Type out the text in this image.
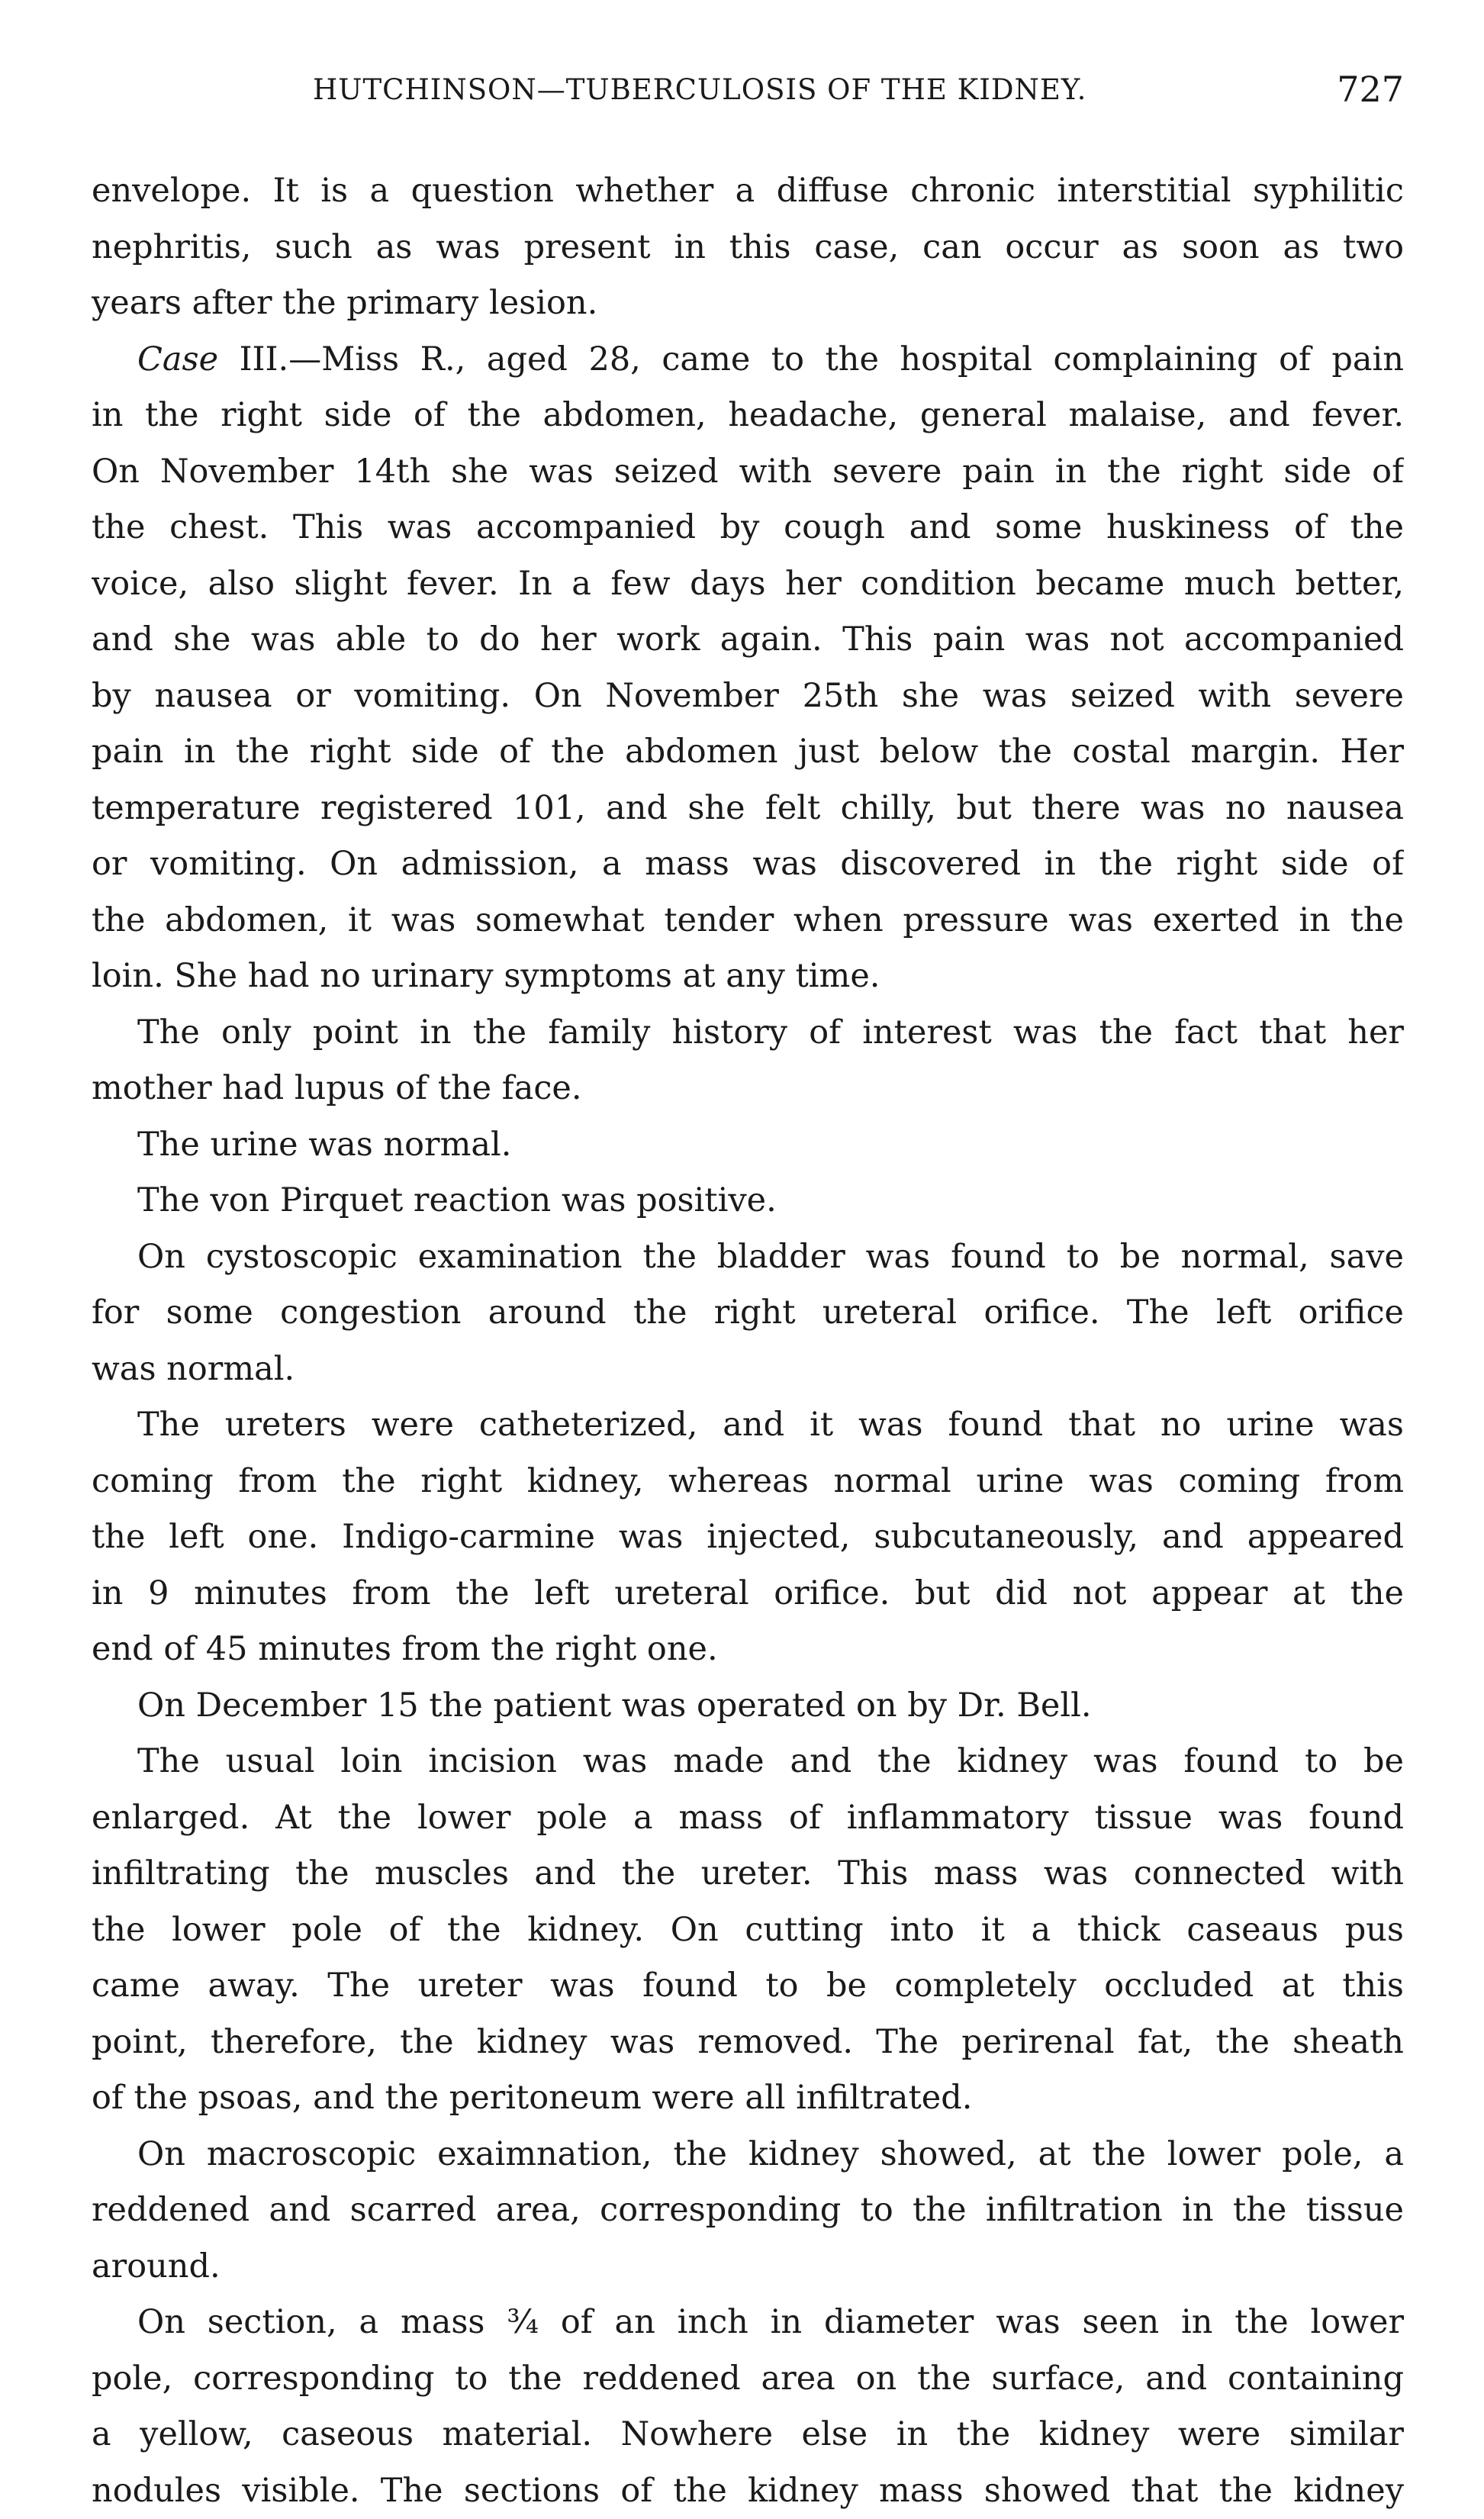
HUTCHINSON—TUBERCULOSIS OF THE KIDNEY.	727
envelope. It is a question whether a diffuse chronic interstitial syphilitic
nephritis, such as was present in this case, can occur as soon as two
years after the primary lesion.
Case III.—Miss R., aged 28, came to the hospital complaining of pain
in the right side of the abdomen, headache, general malaise, and fever.
On November 14th she was seized with severe pain in the right side of
the chest. This was accompanied by cough and some huskiness of the
voice, also slight fever. In a few days her condition became much better,
and she was able to do her work again. This pain was not accompanied
by nausea or vomiting. On November 25th she was seized with severe
pain in the right side of the abdomen just below the costal margin. Her
temperature registered 101, and she felt chilly, but there was no nausea
or vomiting. On admission, a mass was discovered in the right side of
the abdomen, it was somewhat tender when pressure was exerted in the
loin. She had no urinary symptoms at any time.
The only point in the family history of interest was the fact that her
mother had lupus of the face.
The urine was normal.
The von Pirquet reaction was positive.
On cystoscopic examination the bladder was found to be normal, save
for some congestion around the right ureteral orifice. The left orifice
was normal.
The ureters were catheterized, and it was found that no urine was
coming from the right kidney, whereas normal urine was coming from
the left one. Indigo-carmine was injected, subcutaneously, and appeared
in 9 minutes from the left ureteral orifice. but did not appear at the
end of 45 minutes from the right one.
On December 15 the patient was operated on by Dr. Bell.
The usual loin incision was made and the kidney was found to be
enlarged. At the lower pole a mass of inflammatory tissue was found
infiltrating the muscles and the ureter. This mass was connected with
the lower pole of the kidney. On cutting into it a thick caseaus pus
came away. The ureter was found to be completely occluded at this
point, therefore, the kidney was removed. The perirenal fat, the sheath
of the psoas, and the peritoneum were all infiltrated.
On macroscopic exaimnation, the kidney showed, at the lower pole, a
reddened and scarred area, corresponding to the infiltration in the tissue
around.
On section, a mass ¾ of an inch in diameter was seen in the lower
pole, corresponding to the reddened area on the surface, and containing
a yellow, caseous material. Nowhere else in the kidney were similar
nodules visible. The sections of the kidney mass showed that the kidney
